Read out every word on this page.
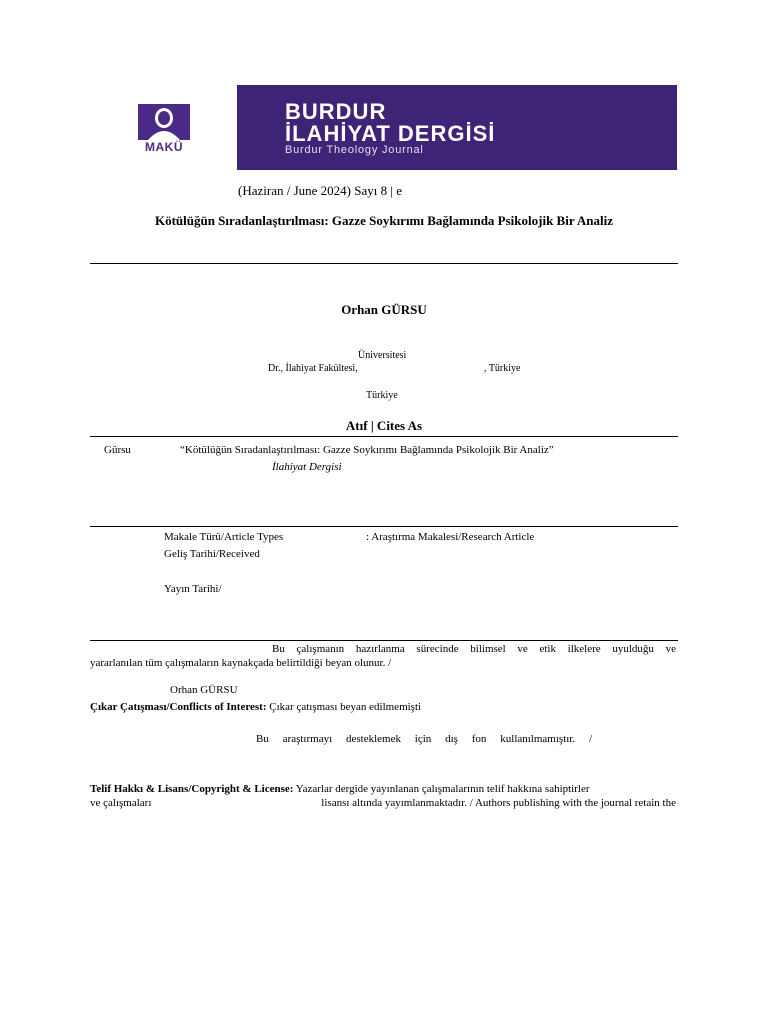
MAKÜ
BURDUR
İLAHİYAT DERGİSİ
Burdur Theology Journal
(Haziran / June 2024) Sayı 8 | e
Kötülüğün Sıradanlaştırılması: Gazze Soykırımı Bağlamında Psikolojik Bir Analiz
Orhan GÜRSU
Üniversitesi
Dr., İlahiyat Fakültesi,	, Türkiye
Türkiye
Atıf | Cites As
Gürsu	“Kötülüğün Sıradanlaştırılması: Gazze Soykırımı Bağlamında Psikolojik Bir Analiz”
İlahiyat Dergisi
Makale Türü/Article Types	: Araştırma Makalesi/Research Article
Geliş Tarihi/Received
Yayın Tarihi/
Bu çalışmanın hazırlanma sürecinde bilimsel ve etik ilkelere uyulduğu ve
yararlanılan tüm çalışmaların kaynakçada belirtildiği beyan olunur. /
Orhan GÜRSU
Çıkar Çatışması/Conflicts of Interest: Çıkar çatışması beyan edilmemişti
Bu araştırmayı desteklemek için dış fon kullanılmamıştır. /
Telif Hakkı & Lisans/Copyright & License: Yazarlar dergide yayınlanan çalışmalarının telif hakkına sahiptirler
ve çalışmaları	lisansı altında yayımlanmaktadır. / Authors publishing with the journal retain the
